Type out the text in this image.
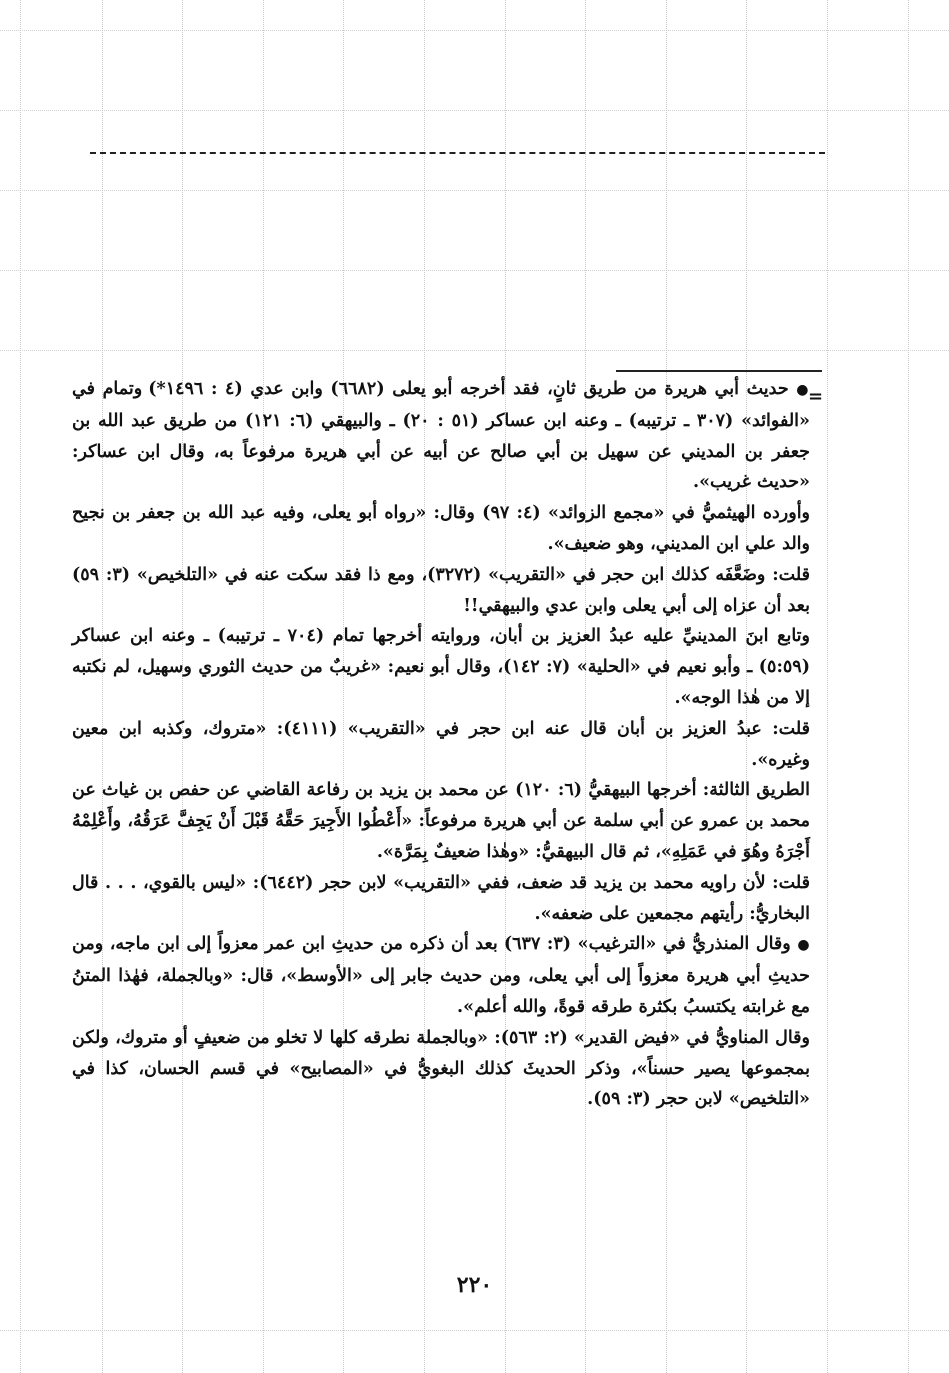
=

● حديث أبي هريرة من طريق ثانٍ، فقد أخرجه أبو يعلى (٦٦٨٢) وابن عدي (٤ : ١٤٩٦*) وتمام في «الفوائد» (٣٠٧ ـ ترتيبه) ـ وعنه ابن عساكر (٥١ : ٢٠) ـ والبيهقي (٦: ١٢١) من طريق عبد الله بن جعفر بن المديني عن سهيل بن أبي صالح عن أبيه عن أبي هريرة مرفوعاً به، وقال ابن عساكر: «حديث غريب».

وأورده الهيثميُّ في «مجمع الزوائد» (٤: ٩٧) وقال: «رواه أبو يعلى، وفيه عبد الله بن جعفر بن نجيح والد علي ابن المديني، وهو ضعيف».

قلت: وضَعَّفَه كذلك ابن حجر في «التقريب» (٣٢٧٢)، ومع ذا فقد سكت عنه في «التلخيص» (٣: ٥٩) بعد أن عزاه إلى أبي يعلى وابن عدي والبيهقي!!

وتابع ابنَ المدينيِّ عليه عبدُ العزيز بن أبان، وروايته أخرجها تمام (٧٠٤ ـ ترتيبه) ـ وعنه ابن عساكر (٥:٥٩) ـ وأبو نعيم في «الحلية» (٧: ١٤٢)، وقال أبو نعيم: «غريبٌ من حديث الثوري وسهيل، لم نكتبه إلا من هٰذا الوجه».

قلت: عبدُ العزيز بن أبان قال عنه ابن حجر في «التقريب» (٤١١١): «متروك، وكذبه ابن معين وغيره».

الطريق الثالثة: أخرجها البيهقيُّ (٦: ١٢٠) عن محمد بن يزيد بن رفاعة القاضي عن حفص بن غياث عن محمد بن عمرو عن أبي سلمة عن أبي هريرة مرفوعاً: «أَعْطُوا الأَجِيرَ حَقَّهُ قَبْلَ أَنْ يَجِفَّ عَرَقُهُ، وأَعْلِمْهُ أَجْرَهُ وهُوَ في عَمَلِهِ»، ثم قال البيهقيُّ: «وهٰذا ضعيفٌ بِمَرَّة».

قلت: لأن راويه محمد بن يزيد قد ضعف، ففي «التقريب» لابن حجر (٦٤٤٢): «ليس بالقوي، . . . قال البخاريُّ: رأيتهم مجمعين على ضعفه».

● وقال المنذريُّ في «الترغيب» (٣: ٦٣٧) بعد أن ذكره من حديثِ ابن عمر معزواً إلى ابن ماجه، ومن حديثِ أبي هريرة معزواً إلى أبي يعلى، ومن حديث جابر إلى «الأوسط»، قال: «وبالجملة، فهٰذا المتنُ مع غرابته يكتسبُ بكثرة طرقه قوةً، والله أعلم».

وقال المناويُّ في «فيض القدير» (٢: ٥٦٣): «وبالجملة نطرقه كلها لا تخلو من ضعيفٍ أو متروك، ولكن بمجموعها يصير حسناً»، وذكر الحديثَ كذلك البغويُّ في «المصابيح» في قسم الحسان، كذا في «التلخيص» لابن حجر (٣: ٥٩).

٢٢٠
